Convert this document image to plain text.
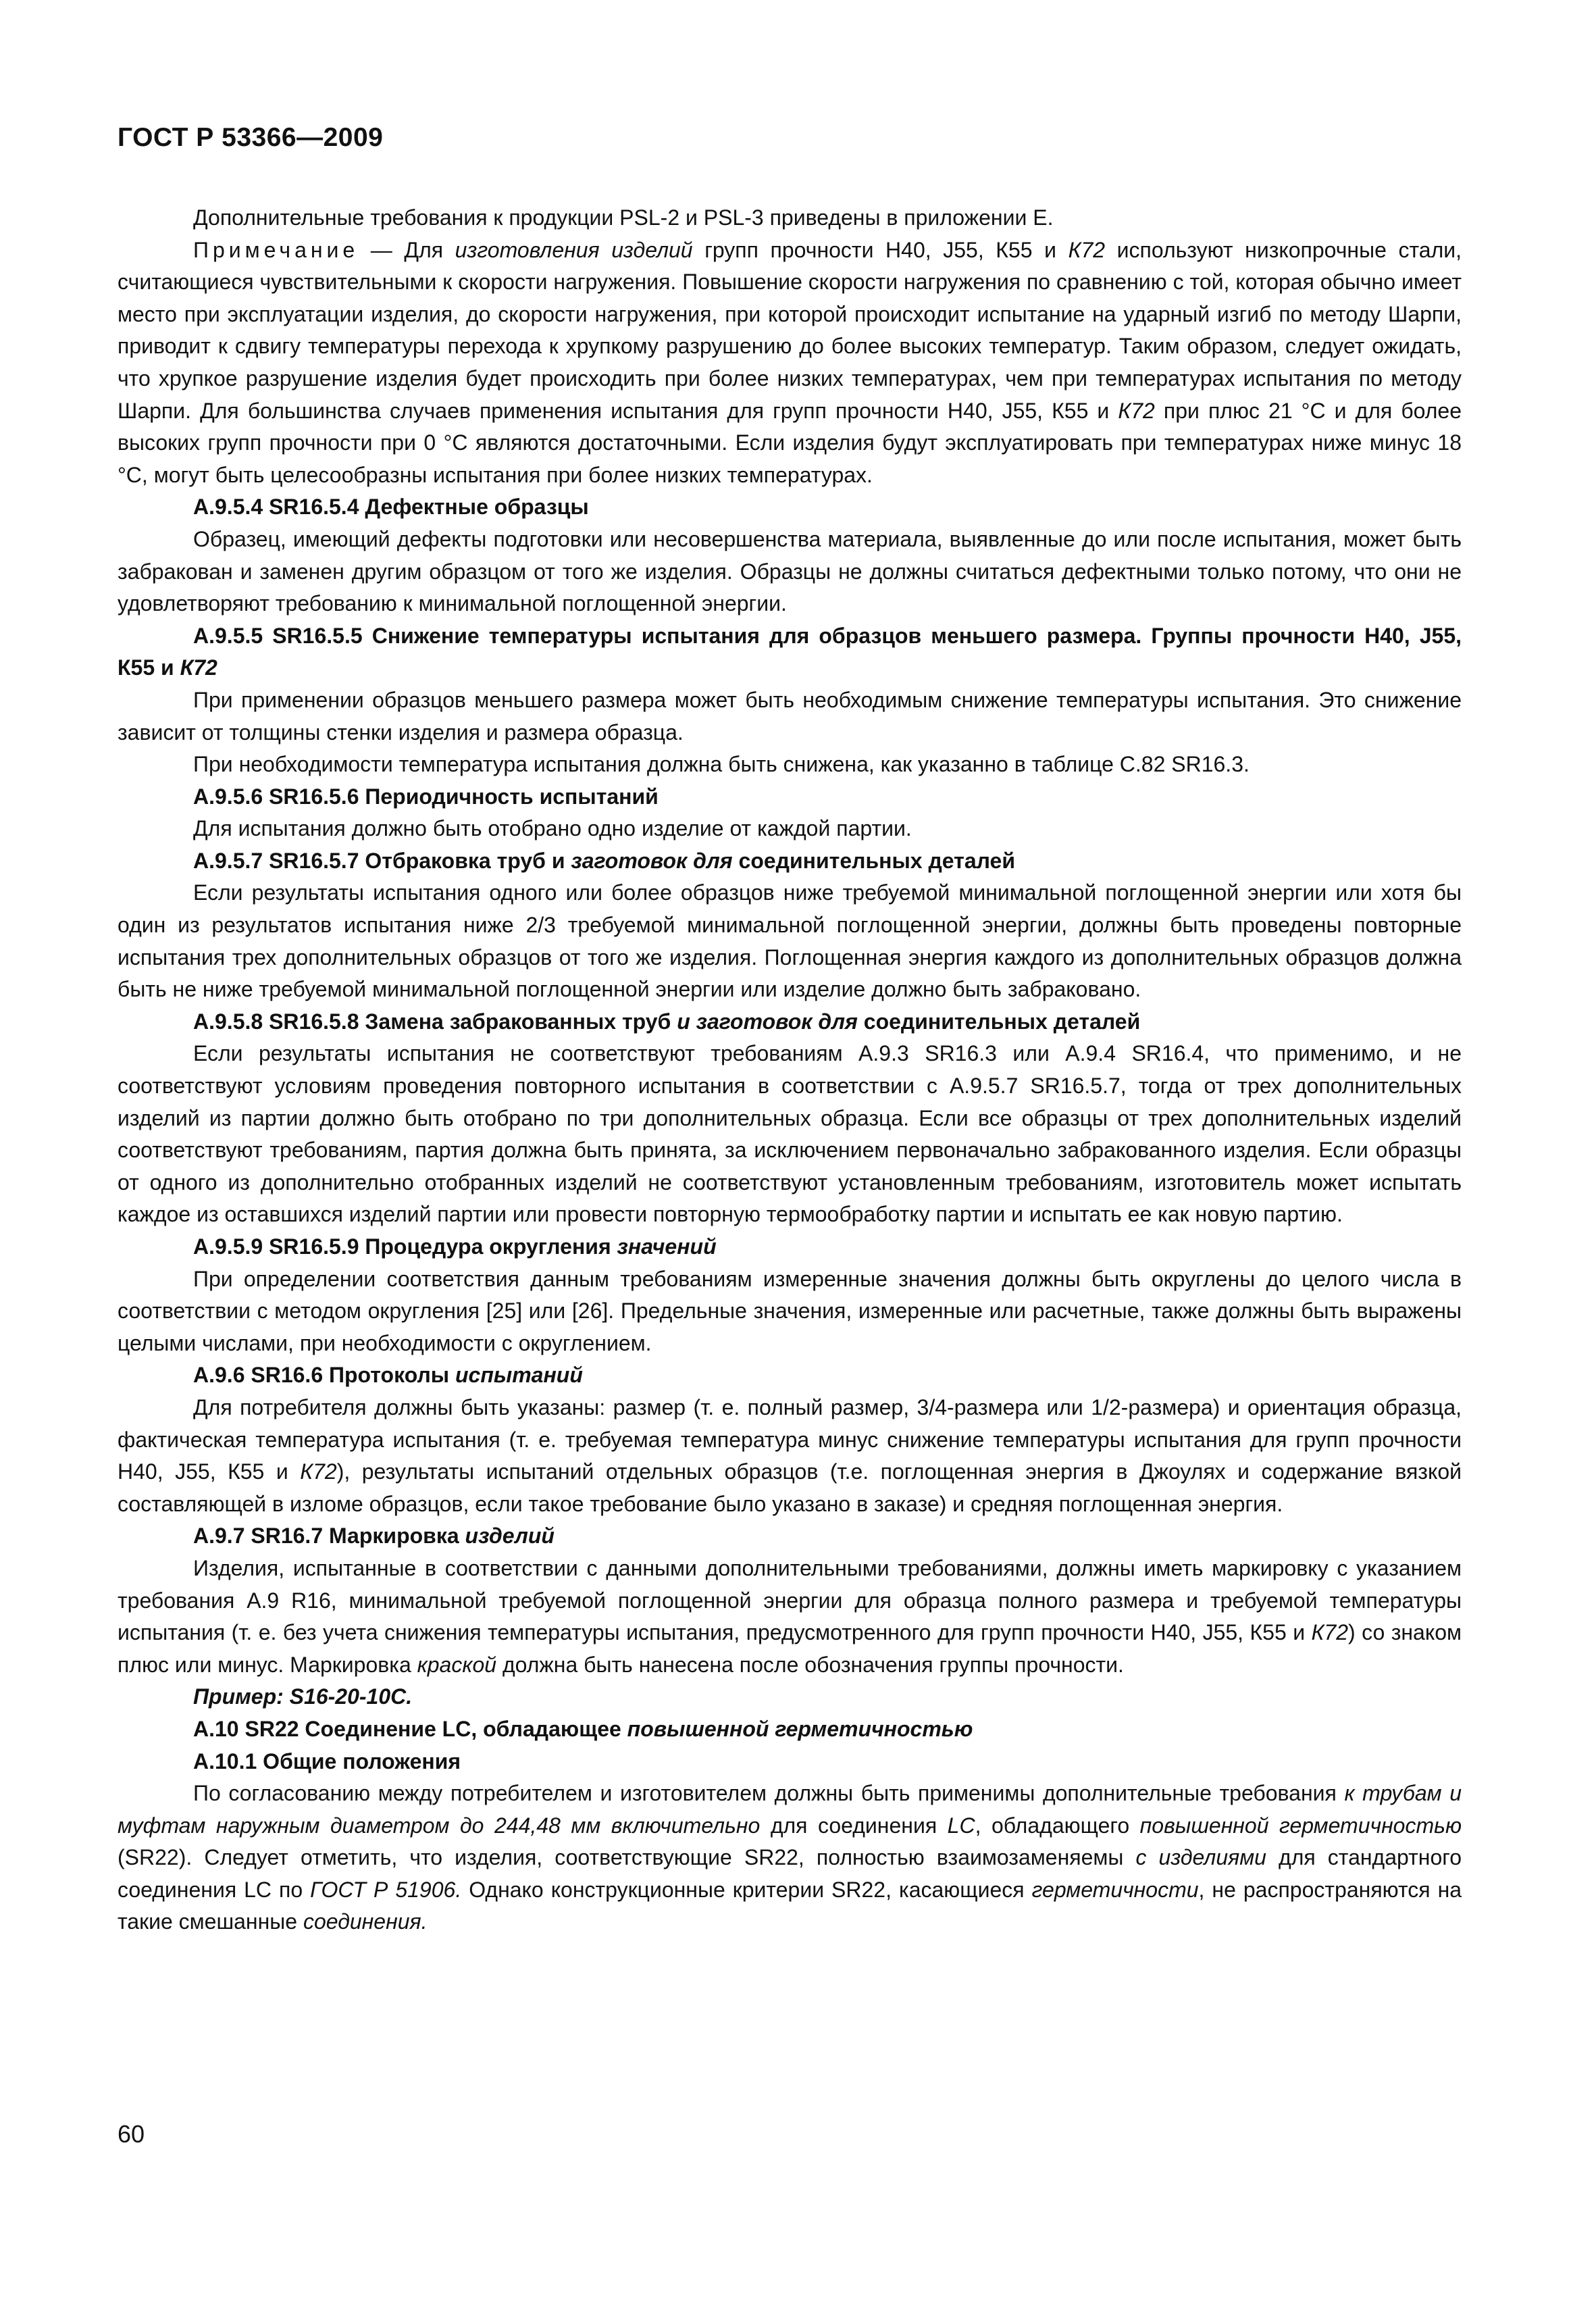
ГОСТ Р 53366—2009

Дополнительные требования к продукции PSL-2 и PSL-3 приведены в приложении Е.

Примечание — Для изготовления изделий групп прочности Н40, J55, К55 и К72 используют низкопрочные стали, считающиеся чувствительными к скорости нагружения. Повышение скорости нагружения по сравнению с той, которая обычно имеет место при эксплуатации изделия, до скорости нагружения, при которой происходит испытание на ударный изгиб по методу Шарпи, приводит к сдвигу температуры перехода к хрупкому разрушению до более высоких температур. Таким образом, следует ожидать, что хрупкое разрушение изделия будет происходить при более низких температурах, чем при температурах испытания по методу Шарпи. Для большинства случаев применения испытания для групп прочности Н40, J55, К55 и К72 при плюс 21 °С и для более высоких групп прочности при 0 °С являются достаточными. Если изделия будут эксплуатировать при температурах ниже минус 18 °С, могут быть целесообразны испытания при более низких температурах.

А.9.5.4 SR16.5.4 Дефектные образцы

Образец, имеющий дефекты подготовки или несовершенства материала, выявленные до или после испытания, может быть забракован и заменен другим образцом от того же изделия. Образцы не должны считаться дефектными только потому, что они не удовлетворяют требованию к минимальной поглощенной энергии.

А.9.5.5 SR16.5.5 Снижение температуры испытания для образцов меньшего размера. Группы прочности Н40, J55, К55 и К72

При применении образцов меньшего размера может быть необходимым снижение температуры испытания. Это снижение зависит от толщины стенки изделия и размера образца.

При необходимости температура испытания должна быть снижена, как указанно в таблице С.82 SR16.3.

А.9.5.6 SR16.5.6 Периодичность испытаний

Для испытания должно быть отобрано одно изделие от каждой партии.

А.9.5.7 SR16.5.7 Отбраковка труб и заготовок для соединительных деталей

Если результаты испытания одного или более образцов ниже требуемой минимальной поглощенной энергии или хотя бы один из результатов испытания ниже 2/3 требуемой минимальной поглощенной энергии, должны быть проведены повторные испытания трех дополнительных образцов от того же изделия. Поглощенная энергия каждого из дополнительных образцов должна быть не ниже требуемой минимальной поглощенной энергии или изделие должно быть забраковано.

А.9.5.8 SR16.5.8 Замена забракованных труб и заготовок для соединительных деталей

Если результаты испытания не соответствуют требованиям А.9.3 SR16.3 или А.9.4 SR16.4, что применимо, и не соответствуют условиям проведения повторного испытания в соответствии с А.9.5.7 SR16.5.7, тогда от трех дополнительных изделий из партии должно быть отобрано по три дополнительных образца. Если все образцы от трех дополнительных изделий соответствуют требованиям, партия должна быть принята, за исключением первоначально забракованного изделия. Если образцы от одного из дополнительно отобранных изделий не соответствуют установленным требованиям, изготовитель может испытать каждое из оставшихся изделий партии или провести повторную термообработку партии и испытать ее как новую партию.

А.9.5.9 SR16.5.9 Процедура округления значений

При определении соответствия данным требованиям измеренные значения должны быть округлены до целого числа в соответствии с методом округления [25] или [26]. Предельные значения, измеренные или расчетные, также должны быть выражены целыми числами, при необходимости с округлением.

А.9.6 SR16.6 Протоколы испытаний

Для потребителя должны быть указаны: размер (т. е. полный размер, 3/4-размера или 1/2-размера) и ориентация образца, фактическая температура испытания (т. е. требуемая температура минус снижение температуры испытания для групп прочности Н40, J55, К55 и К72), результаты испытаний отдельных образцов (т.е. поглощенная энергия в Джоулях и содержание вязкой составляющей в изломе образцов, если такое требование было указано в заказе) и средняя поглощенная энергия.

А.9.7 SR16.7 Маркировка изделий

Изделия, испытанные в соответствии с данными дополнительными требованиями, должны иметь маркировку с указанием требования А.9 R16, минимальной требуемой поглощенной энергии для образца полного размера и требуемой температуры испытания (т. е. без учета снижения температуры испытания, предусмотренного для групп прочности Н40, J55, К55 и К72) со знаком плюс или минус. Маркировка краской должна быть нанесена после обозначения группы прочности.

Пример: S16-20-10C.

А.10 SR22 Соединение LC, обладающее повышенной герметичностью

А.10.1 Общие положения

По согласованию между потребителем и изготовителем должны быть применимы дополнительные требования к трубам и муфтам наружным диаметром до 244,48 мм включительно для соединения LC, обладающего повышенной герметичностью (SR22). Следует отметить, что изделия, соответствующие SR22, полностью взаимозаменяемы с изделиями для стандартного соединения LC по ГОСТ Р 51906. Однако конструкционные критерии SR22, касающиеся герметичности, не распространяются на такие смешанные соединения.

60
